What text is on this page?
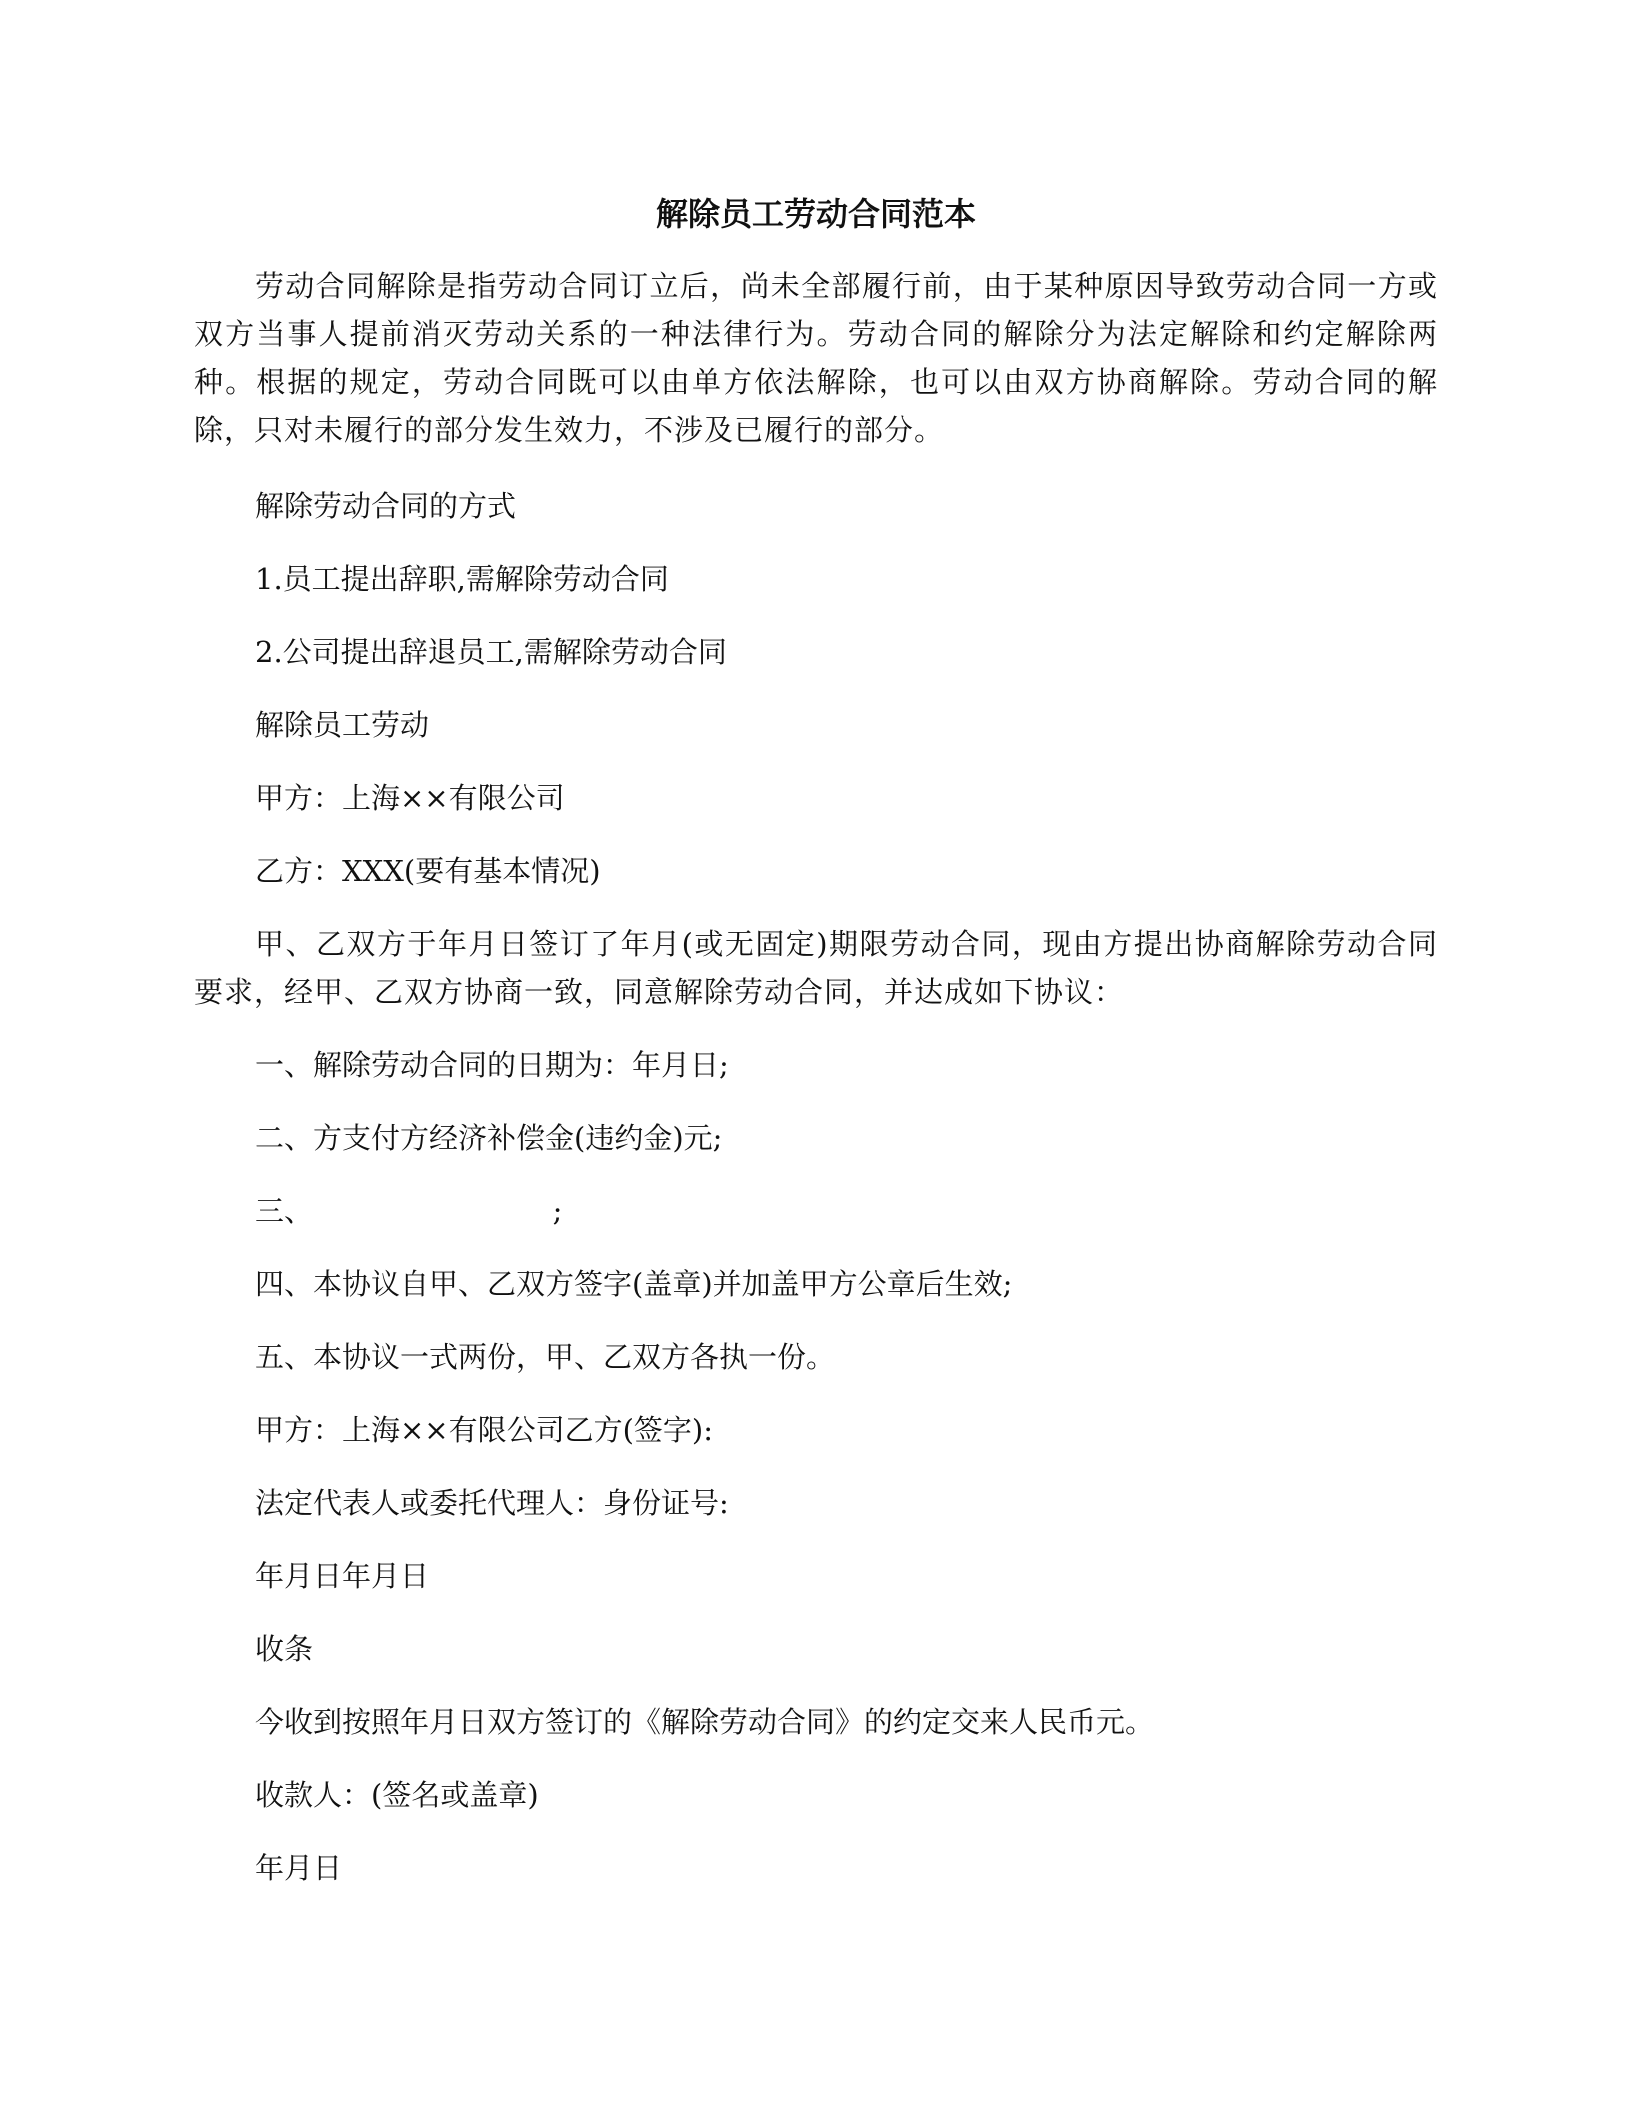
解除员工劳动合同范本

劳动合同解除是指劳动合同订立后，尚未全部履行前，由于某种原因导致劳动合同一方或双方当事人提前消灭劳动关系的一种法律行为。劳动合同的解除分为法定解除和约定解除两种。根据的规定，劳动合同既可以由单方依法解除，也可以由双方协商解除。劳动合同的解除，只对未履行的部分发生效力，不涉及已履行的部分。

解除劳动合同的方式

1.员工提出辞职,需解除劳动合同

2.公司提出辞退员工,需解除劳动合同

解除员工劳动

甲方：上海××有限公司

乙方：XXX(要有基本情况)

甲、乙双方于年月日签订了年月(或无固定)期限劳动合同，现由方提出协商解除劳动合同要求，经甲、乙双方协商一致，同意解除劳动合同，并达成如下协议：

一、解除劳动合同的日期为：年月日;

二、方支付方经济补偿金(违约金)元;

三、                          ;

四、本协议自甲、乙双方签字(盖章)并加盖甲方公章后生效;

五、本协议一式两份，甲、乙双方各执一份。

甲方：上海××有限公司乙方(签字):

法定代表人或委托代理人：身份证号:

年月日年月日

收条

今收到按照年月日双方签订的《解除劳动合同》的约定交来人民币元。

收款人：(签名或盖章)

年月日
